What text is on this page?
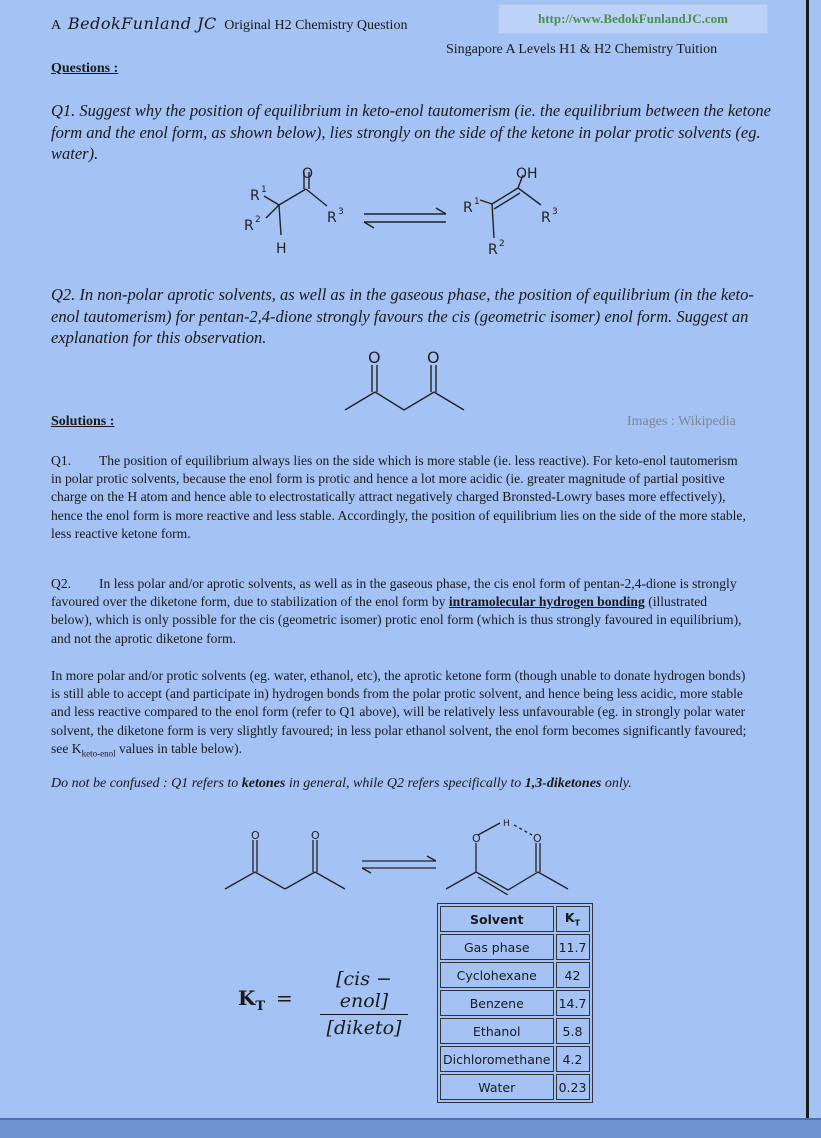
A BedokFunland JC Original H2 Chemistry Question	http://www.BedokFunlandJC.com
Singapore A Levels H1 & H2 Chemistry Tuition
Questions :
Q1. Suggest why the position of equilibrium in keto-enol tautomerism (ie. the equilibrium between the ketone form and the enol form, as shown below), lies strongly on the side of the ketone in polar protic solvents (eg. water).
O
R 1
R 2	R 3
H
OH
R 1
R 3
R 2
Q2. In non-polar aprotic solvents, as well as in the gaseous phase, the position of equilibrium (in the keto-enol tautomerism) for pentan-2,4-dione strongly favours the cis (geometric isomer) enol form. Suggest an explanation for this observation.
O	O
Solutions :	Images : Wikipedia
Q1. The position of equilibrium always lies on the side which is more stable (ie. less reactive). For keto-enol tautomerism in polar protic solvents, because the enol form is protic and hence a lot more acidic (ie. greater magnitude of partial positive charge on the H atom and hence able to electrostatically attract negatively charged Bronsted-Lowry bases more effectively), hence the enol form is more reactive and less stable. Accordingly, the position of equilibrium lies on the side of the more stable, less reactive ketone form.
Q2. In less polar and/or aprotic solvents, as well as in the gaseous phase, the cis enol form of pentan-2,4-dione is strongly favoured over the diketone form, due to stabilization of the enol form by intramolecular hydrogen bonding (illustrated below), which is only possible for the cis (geometric isomer) protic enol form (which is thus strongly favoured in equilibrium), and not the aprotic diketone form.
In more polar and/or protic solvents (eg. water, ethanol, etc), the aprotic ketone form (though unable to donate hydrogen bonds) is still able to accept (and participate in) hydrogen bonds from the polar protic solvent, and hence being less acidic, more stable and less reactive compared to the enol form (refer to Q1 above), will be relatively less unfavourable (eg. in strongly polar water solvent, the diketone form is very slightly favoured; in less polar ethanol solvent, the enol form becomes significantly favoured; see $K_{keto-enol}$ values in table below).
Do not be confused : Q1 refers to ketones in general, while Q2 refers specifically to 1,3-diketones only.
O	O	O	O
H
$K_T$ =
[cis − enol]
[diketo]
Solvent	$K_T$
Gas phase	11.7
Cyclohexane	42
Benzene	14.7
Ethanol	5.8
Dichloromethane	4.2
Water	0.23
